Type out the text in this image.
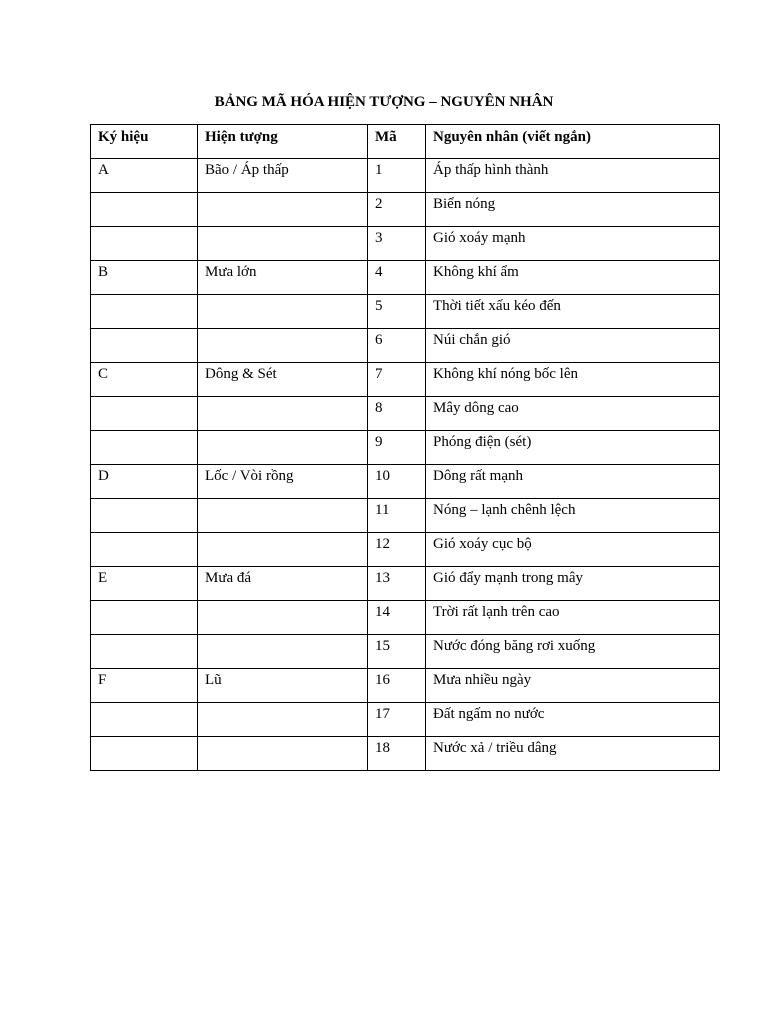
BẢNG MÃ HÓA HIỆN TƯỢNG – NGUYÊN NHÂN
Ký hiệu	Hiện tượng	Mã	Nguyên nhân (viết ngắn)
A	Bão / Áp thấp	1	Áp thấp hình thành
		2	Biển nóng
		3	Gió xoáy mạnh
B	Mưa lớn	4	Không khí ẩm
		5	Thời tiết xấu kéo đến
		6	Núi chắn gió
C	Dông & Sét	7	Không khí nóng bốc lên
		8	Mây dông cao
		9	Phóng điện (sét)
D	Lốc / Vòi rồng	10	Dông rất mạnh
		11	Nóng – lạnh chênh lệch
		12	Gió xoáy cục bộ
E	Mưa đá	13	Gió đẩy mạnh trong mây
		14	Trời rất lạnh trên cao
		15	Nước đóng băng rơi xuống
F	Lũ	16	Mưa nhiều ngày
		17	Đất ngấm no nước
		18	Nước xả / triều dâng
